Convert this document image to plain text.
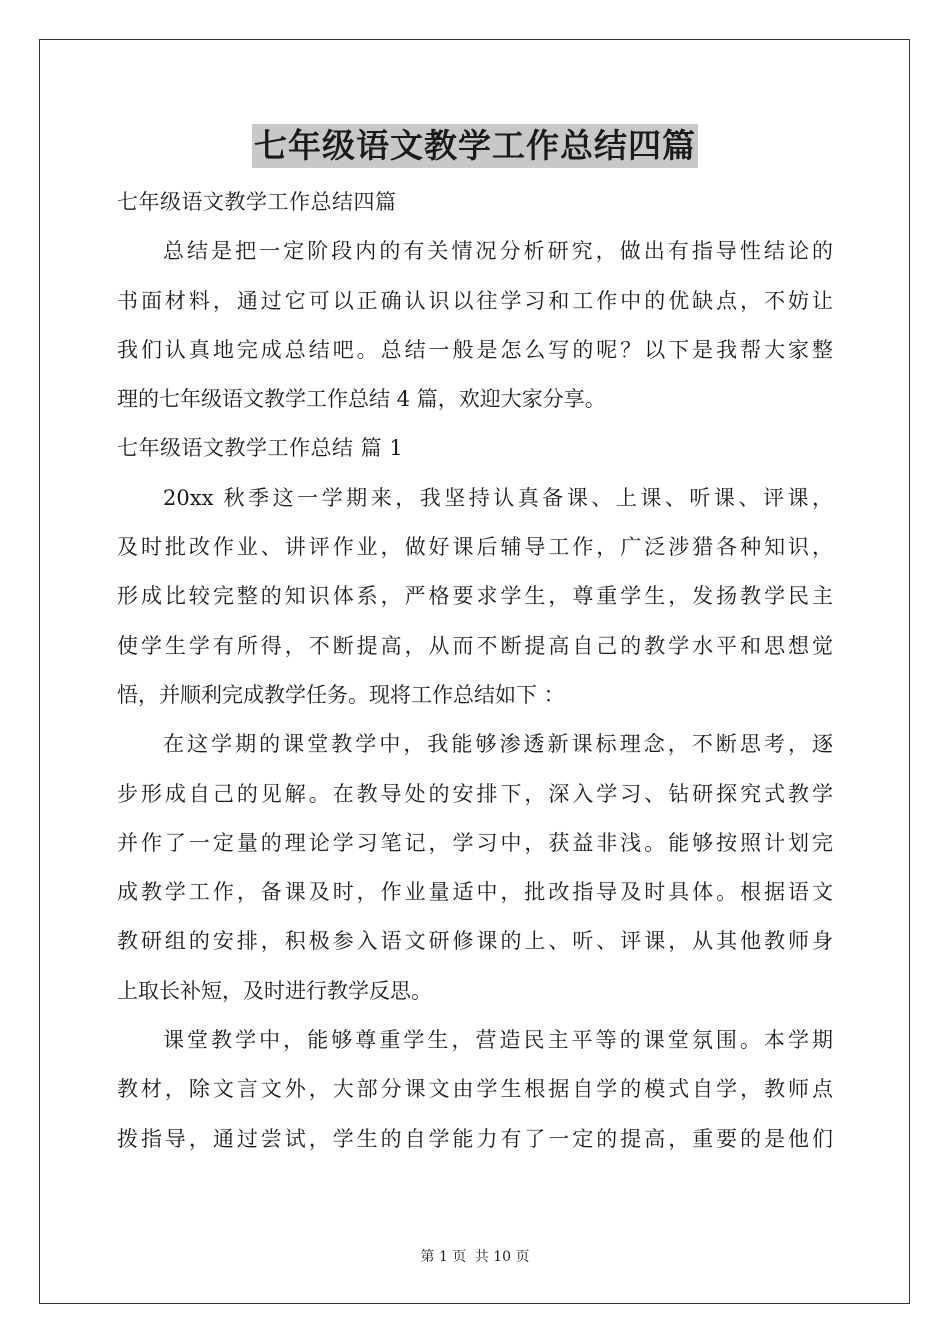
七年级语文教学工作总结四篇
七年级语文教学工作总结四篇
总结是把一定阶段内的有关情况分析研究，做出有指导性结论的
书面材料，通过它可以正确认识以往学习和工作中的优缺点，不妨让
我们认真地完成总结吧。总结一般是怎么写的呢？以下是我帮大家整
理的七年级语文教学工作总结 4 篇，欢迎大家分享。
七年级语文教学工作总结 篇 1
20xx 秋季这一学期来，我坚持认真备课、上课、听课、评课，
及时批改作业、讲评作业，做好课后辅导工作，广泛涉猎各种知识，
形成比较完整的知识体系，严格要求学生，尊重学生，发扬教学民主
使学生学有所得，不断提高，从而不断提高自己的教学水平和思想觉
悟，并顺利完成教学任务。现将工作总结如下 ：
在这学期的课堂教学中，我能够渗透新课标理念，不断思考，逐
步形成自己的见解。在教导处的安排下，深入学习、钻研探究式教学
并作了一定量的理论学习笔记，学习中，获益非浅。能够按照计划完
成教学工作，备课及时，作业量适中，批改指导及时具体。根据语文
教研组的安排，积极参入语文研修课的上、听、评课，从其他教师身
上取长补短，及时进行教学反思。
课堂教学中，能够尊重学生，营造民主平等的课堂氛围。本学期
教材，除文言文外，大部分课文由学生根据自学的模式自学，教师点
拨指导，通过尝试，学生的自学能力有了一定的提高，重要的是他们
第 1 页 共 10 页
